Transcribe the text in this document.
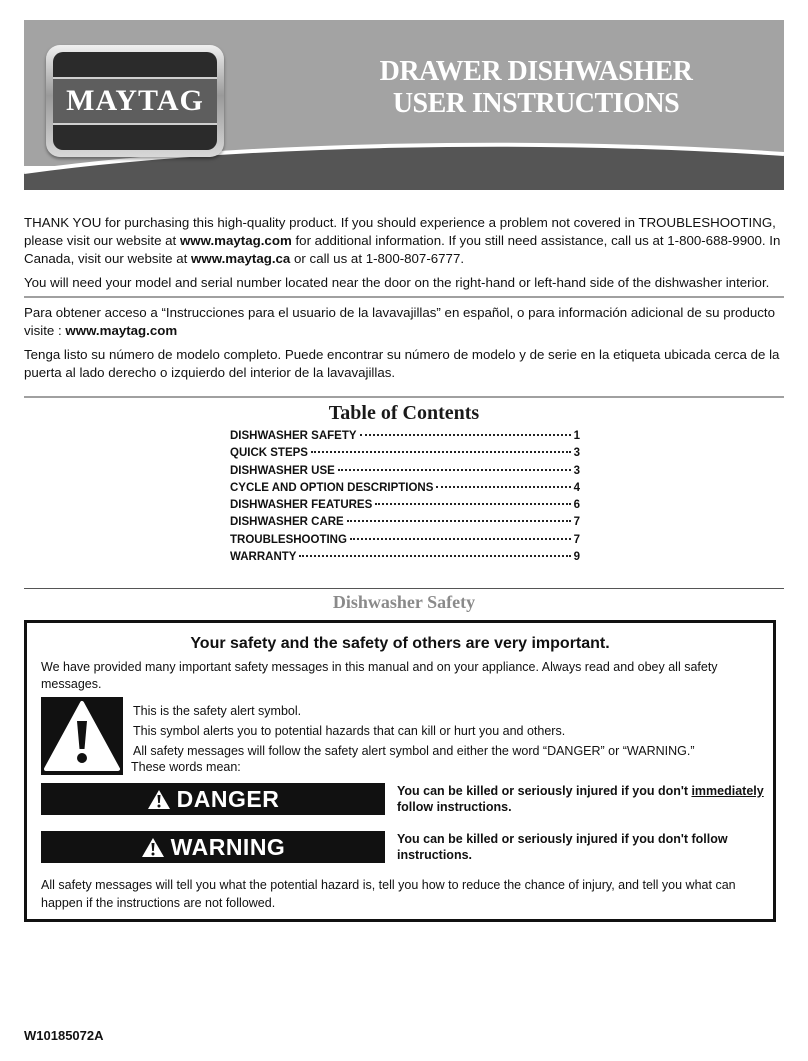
MAYTAG
DRAWER DISHWASHER
USER INSTRUCTIONS

THANK YOU for purchasing this high-quality product. If you should experience a problem not covered in TROUBLESHOOTING, please visit our website at www.maytag.com for additional information. If you still need assistance, call us at 1-800-688-9900. In Canada, visit our website at www.maytag.ca or call us at 1-800-807-6777.

You will need your model and serial number located near the door on the right-hand or left-hand side of the dishwasher interior.

Para obtener acceso a “Instrucciones para el usuario de la lavavajillas” en español, o para información adicional de su producto visite : www.maytag.com

Tenga listo su número de modelo completo. Puede encontrar su número de modelo y de serie en la etiqueta ubicada cerca de la puerta al lado derecho o izquierdo del interior de la lavavajillas.

Table of Contents
DISHWASHER SAFETY	1
QUICK STEPS	3
DISHWASHER USE	3
CYCLE AND OPTION DESCRIPTIONS	4
DISHWASHER FEATURES	6
DISHWASHER CARE	7
TROUBLESHOOTING	7
WARRANTY	9
Dishwasher Safety
Your safety and the safety of others are very important.
We have provided many important safety messages in this manual and on your appliance. Always read and obey all safety messages.
This is the safety alert symbol.
This symbol alerts you to potential hazards that can kill or hurt you and others.
All safety messages will follow the safety alert symbol and either the word “DANGER” or “WARNING.”
These words mean:
DANGER	You can be killed or seriously injured if you don't immediately follow instructions.
WARNING	You can be killed or seriously injured if you don't follow instructions.
All safety messages will tell you what the potential hazard is, tell you how to reduce the chance of injury, and tell you what can happen if the instructions are not followed.
W10185072A
